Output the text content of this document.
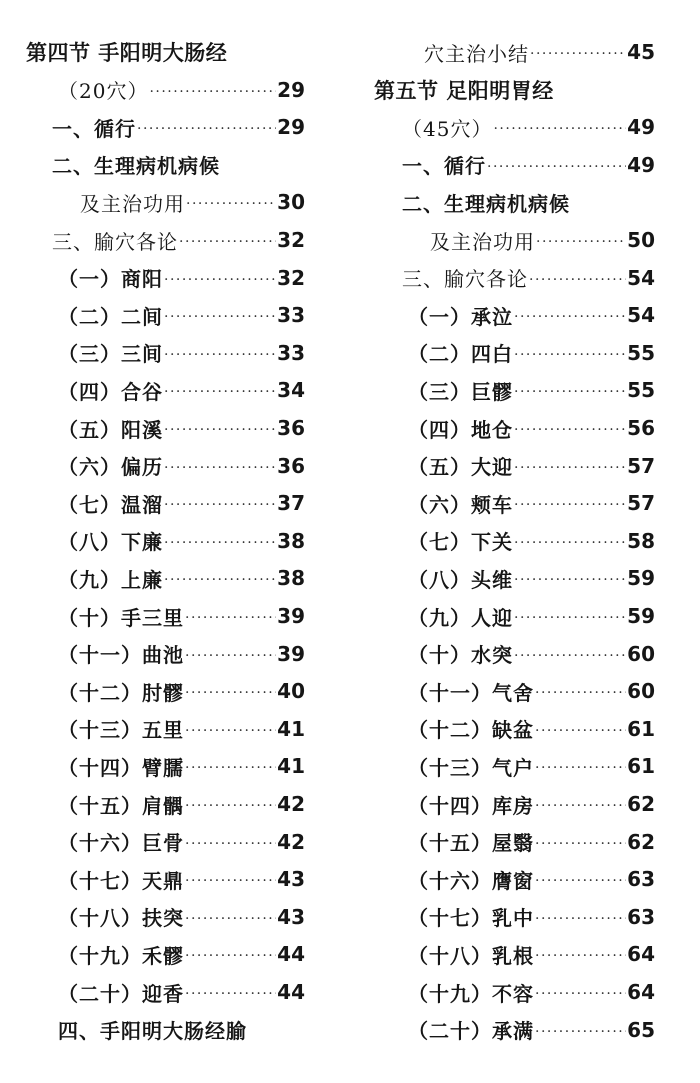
第四节 手阳明大肠经
（20穴） ·····	29
一、循行 ·····	29
二、生理病机病候
及主治功用 ·····	30
三、腧穴各论 ·····	32
（一）商阳 ·····	32
（二）二间 ·····	33
（三）三间 ·····	33
（四）合谷 ·····	34
（五）阳溪 ·····	36
（六）偏历 ·····	36
（七）温溜 ·····	37
（八）下廉 ·····	38
（九）上廉 ·····	38
（十）手三里 ·····	39
（十一）曲池 ·····	39
（十二）肘髎 ·····	40
（十三）五里 ·····	41
（十四）臂臑 ·····	41
（十五）肩髃 ·····	42
（十六）巨骨 ·····	42
（十七）天鼎 ·····	43
（十八）扶突 ·····	43
（十九）禾髎 ·····	44
（二十）迎香 ·····	44
四、手阳明大肠经腧
穴主治小结 ·····	45
第五节 足阳明胃经
（45穴） ·····	49
一、循行 ·····	49
二、生理病机病候
及主治功用 ·····	50
三、腧穴各论 ·····	54
（一）承泣 ·····	54
（二）四白 ·····	55
（三）巨髎 ·····	55
（四）地仓 ·····	56
（五）大迎 ·····	57
（六）颊车 ·····	57
（七）下关 ·····	58
（八）头维 ·····	59
（九）人迎 ·····	59
（十）水突 ·····	60
（十一）气舍 ·····	60
（十二）缺盆 ·····	61
（十三）气户 ·····	61
（十四）库房 ·····	62
（十五）屋翳 ·····	62
（十六）膺窗 ·····	63
（十七）乳中 ·····	63
（十八）乳根 ·····	64
（十九）不容 ·····	64
（二十）承满 ·····	65
